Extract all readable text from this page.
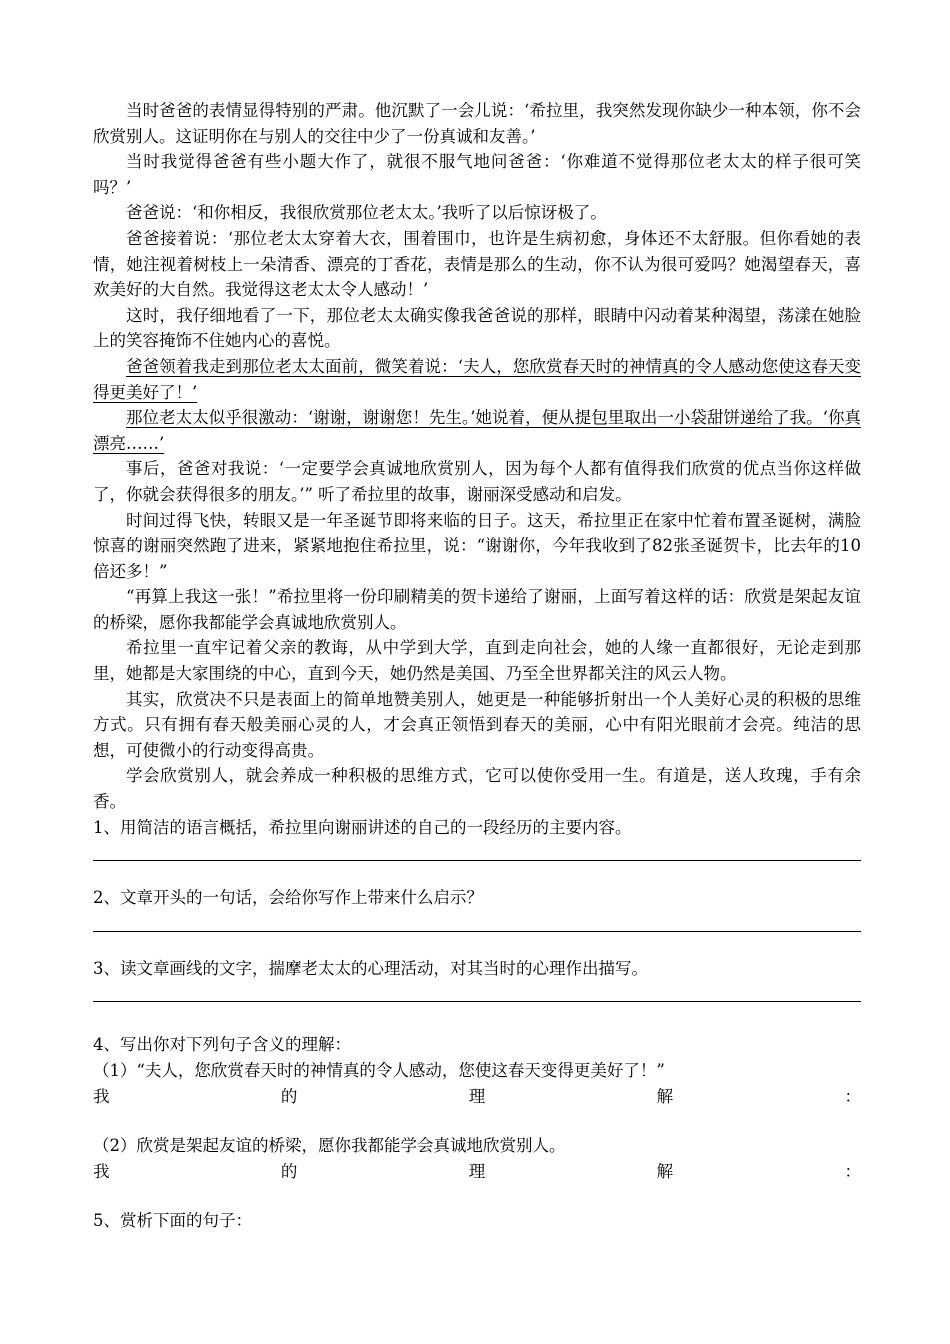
当时爸爸的表情显得特别的严肃。他沉默了一会儿说：‘希拉里，我突然发现你缺少一种本领，你不会欣赏别人。这证明你在与别人的交往中少了一份真诚和友善。’

当时我觉得爸爸有些小题大作了，就很不服气地问爸爸：‘你难道不觉得那位老太太的样子很可笑吗？’

爸爸说：‘和你相反，我很欣赏那位老太太。’我听了以后惊讶极了。

爸爸接着说：‘那位老太太穿着大衣，围着围巾，也许是生病初愈，身体还不太舒服。但你看她的表情，她注视着树枝上一朵清香、漂亮的丁香花，表情是那么的生动，你不认为很可爱吗？她渴望春天，喜欢美好的大自然。我觉得这老太太令人感动！’

这时，我仔细地看了一下，那位老太太确实像我爸爸说的那样，眼睛中闪动着某种渴望，荡漾在她脸上的笑容掩饰不住她内心的喜悦。

爸爸领着我走到那位老太太面前，微笑着说：‘夫人，您欣赏春天时的神情真的令人感动您使这春天变得更美好了！’

那位老太太似乎很激动：‘谢谢，谢谢您！先生。’她说着，便从提包里取出一小袋甜饼递给了我。‘你真漂亮……’

事后，爸爸对我说：‘一定要学会真诚地欣赏别人，因为每个人都有值得我们欣赏的优点当你这样做了，你就会获得很多的朋友。’” 听了希拉里的故事，谢丽深受感动和启发。

时间过得飞快，转眼又是一年圣诞节即将来临的日子。这天，希拉里正在家中忙着布置圣诞树，满脸惊喜的谢丽突然跑了进来，紧紧地抱住希拉里，说：“谢谢你，今年我收到了82张圣诞贺卡，比去年的10倍还多！”

“再算上我这一张！”希拉里将一份印刷精美的贺卡递给了谢丽，上面写着这样的话：欣赏是架起友谊的桥梁，愿你我都能学会真诚地欣赏别人。

希拉里一直牢记着父亲的教诲，从中学到大学，直到走向社会，她的人缘一直都很好，无论走到那里，她都是大家围绕的中心，直到今天，她仍然是美国、乃至全世界都关注的风云人物。

其实，欣赏决不只是表面上的简单地赞美别人，她更是一种能够折射出一个人美好心灵的积极的思维方式。只有拥有春天般美丽心灵的人，才会真正领悟到春天的美丽，心中有阳光眼前才会亮。纯洁的思想，可使微小的行动变得高贵。

学会欣赏别人，就会养成一种积极的思维方式，它可以使你受用一生。有道是，送人玫瑰，手有余香。

1、用简洁的语言概括，希拉里向谢丽讲述的自己的一段经历的主要内容。

2、文章开头的一句话，会给你写作上带来什么启示？

3、读文章画线的文字，揣摩老太太的心理活动，对其当时的心理作出描写。

4、写出你对下列句子含义的理解：

（1）“夫人，您欣赏春天时的神情真的令人感动，您使这春天变得更美好了！”

我	的	理	解	：

（2）欣赏是架起友谊的桥梁，愿你我都能学会真诚地欣赏别人。

我	的	理	解	：

5、赏析下面的句子：
